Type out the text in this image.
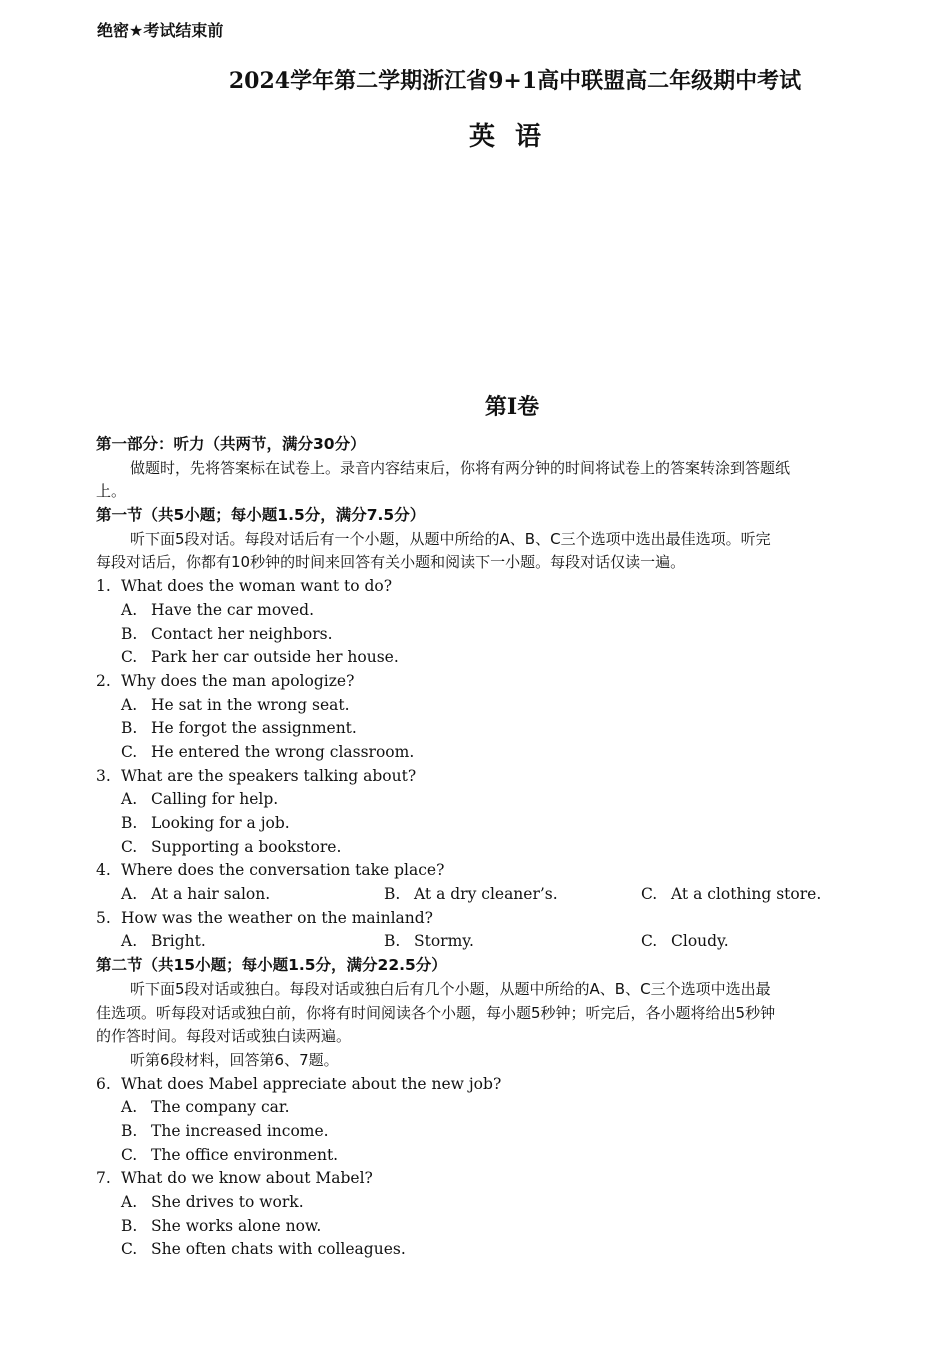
绝密★考试结束前
2024学年第二学期浙江省9+1高中联盟高二年级期中考试
英语
第I卷
第一部分：听力（共两节，满分30分）
做题时，先将答案标在试卷上。录音内容结束后，你将有两分钟的时间将试卷上的答案转涂到答题纸
上。
第一节（共5小题；每小题1.5分，满分7.5分）
听下面5段对话。每段对话后有一个小题，从题中所给的A、B、C三个选项中选出最佳选项。听完
每段对话后，你都有10秒钟的时间来回答有关小题和阅读下一小题。每段对话仅读一遍。
1. What does the woman want to do?
A. Have the car moved.
B. Contact her neighbors.
C. Park her car outside her house.
2. Why does the man apologize?
A. He sat in the wrong seat.
B. He forgot the assignment.
C. He entered the wrong classroom.
3. What are the speakers talking about?
A. Calling for help.
B. Looking for a job.
C. Supporting a bookstore.
4. Where does the conversation take place?
A. At a hair salon.	B. At a dry cleaner’s.	C. At a clothing store.
5. How was the weather on the mainland?
A. Bright.	B. Stormy.	C. Cloudy.
第二节（共15小题；每小题1.5分，满分22.5分）
听下面5段对话或独白。每段对话或独白后有几个小题，从题中所给的A、B、C三个选项中选出最
佳选项。听每段对话或独白前，你将有时间阅读各个小题，每小题5秒钟；听完后，各小题将给出5秒钟
的作答时间。每段对话或独白读两遍。
听第6段材料，回答第6、7题。
6. What does Mabel appreciate about the new job?
A. The company car.
B. The increased income.
C. The office environment.
7. What do we know about Mabel?
A. She drives to work.
B. She works alone now.
C. She often chats with colleagues.
